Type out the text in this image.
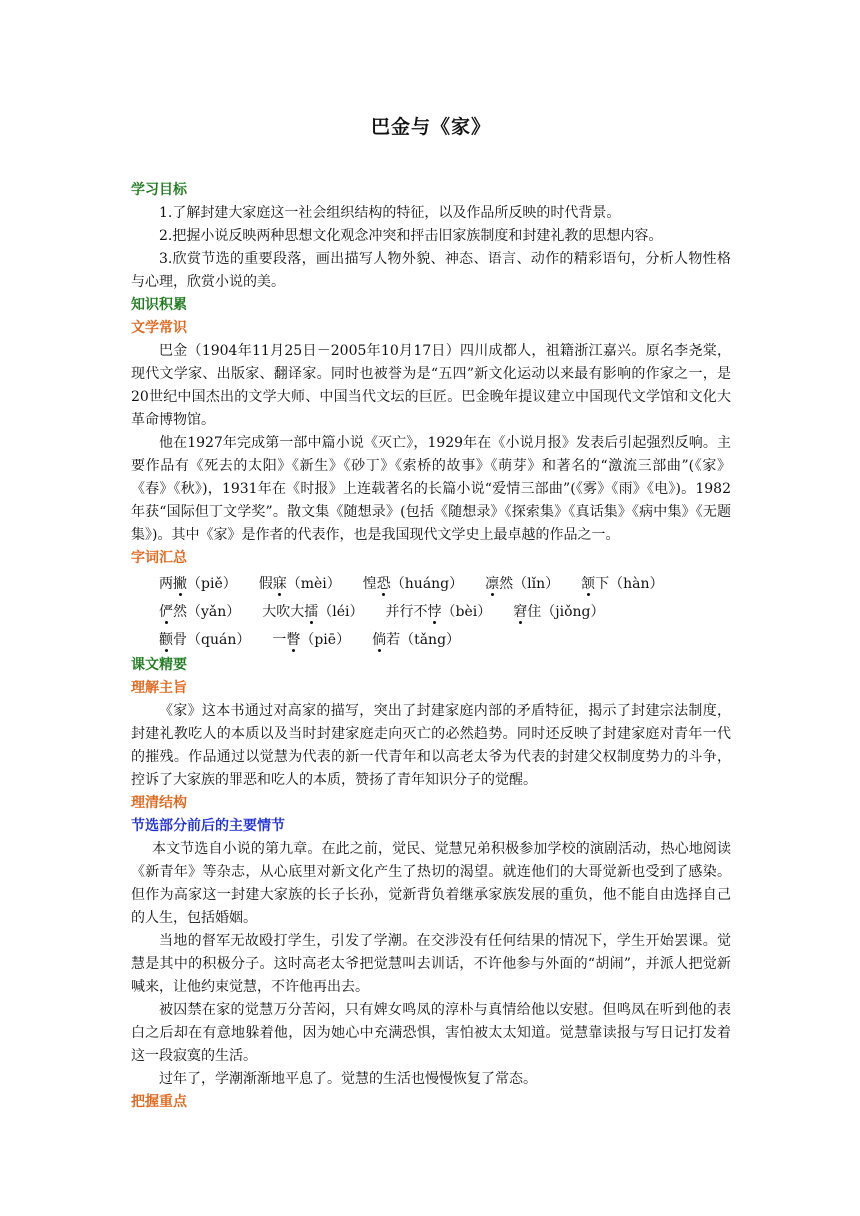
巴金与《家》
学习目标

1.了解封建大家庭这一社会组织结构的特征，以及作品所反映的时代背景。

2.把握小说反映两种思想文化观念冲突和抨击旧家族制度和封建礼教的思想内容。

3.欣赏节选的重要段落，画出描写人物外貌、神态、语言、动作的精彩语句，分析人物性格与心理，欣赏小说的美。

知识积累
文学常识

巴金（1904年11月25日－2005年10月17日）四川成都人，祖籍浙江嘉兴。原名李尧棠，现代文学家、出版家、翻译家。同时也被誉为是“五四”新文化运动以来最有影响的作家之一，是20世纪中国杰出的文学大师、中国当代文坛的巨匠。巴金晚年提议建立中国现代文学馆和文化大革命博物馆。

他在1927年完成第一部中篇小说《灭亡》，1929年在《小说月报》发表后引起强烈反响。主要作品有《死去的太阳》《新生》《砂丁》《索桥的故事》《萌芽》和著名的“激流三部曲”(《家》《春》《秋》)，1931年在《时报》上连载著名的长篇小说“爱情三部曲”(《雾》《雨》《电》)。1982年获“国际但丁文学奖”。散文集《随想录》(包括《随想录》《探索集》《真话集》《病中集》《无题集》)。其中《家》是作者的代表作，也是我国现代文学史上最卓越的作品之一。

字词汇总
两撇（piě） 假寐（mèi） 惶恐（huáng） 凛然（lǐn） 颔下（hàn）
俨然（yǎn） 大吹大擂（léi） 并行不悖（bèi） 窘住（jiǒng）
颧骨（quán） 一瞥（piē） 倘若（tǎng）
课文精要
理解主旨

《家》这本书通过对高家的描写，突出了封建家庭内部的矛盾特征，揭示了封建宗法制度，封建礼教吃人的本质以及当时封建家庭走向灭亡的必然趋势。同时还反映了封建家庭对青年一代的摧残。作品通过以觉慧为代表的新一代青年和以高老太爷为代表的封建父权制度势力的斗争，控诉了大家族的罪恶和吃人的本质，赞扬了青年知识分子的觉醒。

理清结构
节选部分前后的主要情节

本文节选自小说的第九章。在此之前，觉民、觉慧兄弟积极参加学校的演剧活动，热心地阅读《新青年》等杂志，从心底里对新文化产生了热切的渴望。就连他们的大哥觉新也受到了感染。但作为高家这一封建大家族的长子长孙，觉新背负着继承家族发展的重负，他不能自由选择自己的人生，包括婚姻。

当地的督军无故殴打学生，引发了学潮。在交涉没有任何结果的情况下，学生开始罢课。觉慧是其中的积极分子。这时高老太爷把觉慧叫去训话，不许他参与外面的“胡闹”，并派人把觉新喊来，让他约束觉慧，不许他再出去。

被囚禁在家的觉慧万分苦闷，只有婢女鸣凤的淳朴与真情给他以安慰。但鸣凤在听到他的表白之后却在有意地躲着他，因为她心中充满恐惧，害怕被太太知道。觉慧靠读报与写日记打发着这一段寂寞的生活。

过年了，学潮渐渐地平息了。觉慧的生活也慢慢恢复了常态。

把握重点
